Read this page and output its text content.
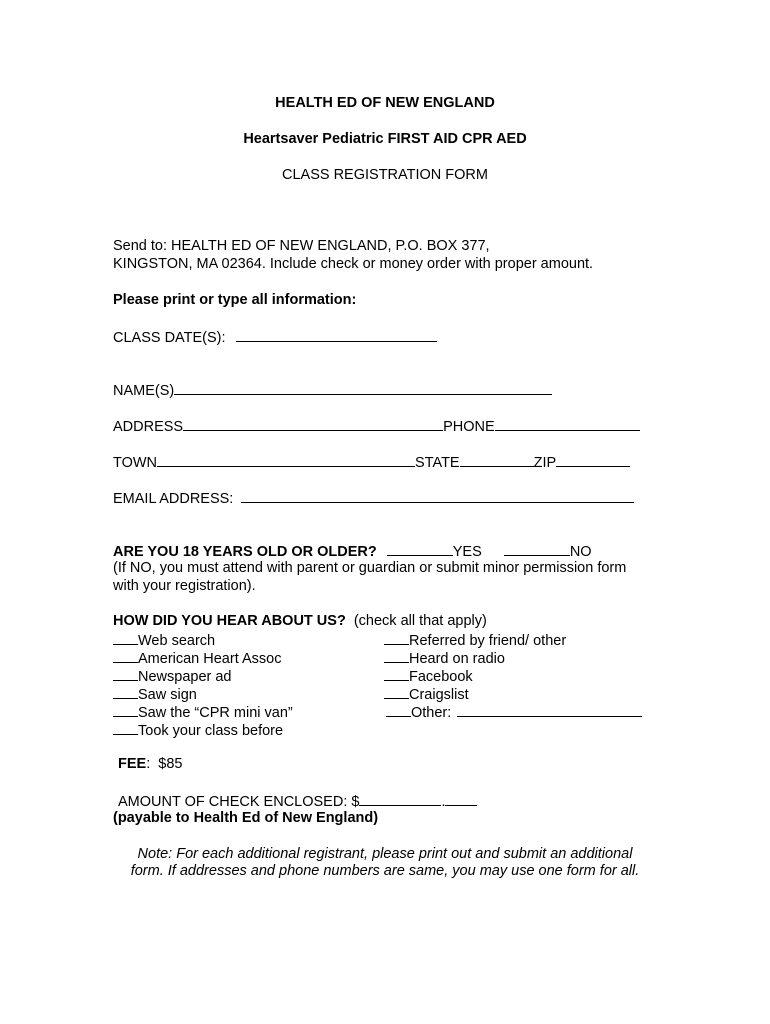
HEALTH ED OF NEW ENGLAND
Heartsaver Pediatric FIRST AID CPR AED
CLASS REGISTRATION FORM
Send to: HEALTH ED OF NEW ENGLAND, P.O. BOX 377,
KINGSTON, MA 02364. Include check or money order with proper amount.
Please print or type all information:
CLASS DATE(S):
NAME(S)
ADDRESS	PHONE
TOWN	STATE	ZIP
EMAIL ADDRESS:
ARE YOU 18 YEARS OLD OR OLDER?	YES	NO
(If NO, you must attend with parent or guardian or submit minor permission form
with your registration).
HOW DID YOU HEAR ABOUT US? (check all that apply)
Web search
American Heart Assoc
Newspaper ad
Saw sign
Saw the “CPR mini van”
Took your class before
Referred by friend/ other
Heard on radio
Facebook
Craigslist
Other:
FEE:  $85
AMOUNT OF CHECK ENCLOSED: $	.
(payable to Health Ed of New England)
Note: For each additional registrant, please print out and submit an additional
form. If addresses and phone numbers are same, you may use one form for all.
